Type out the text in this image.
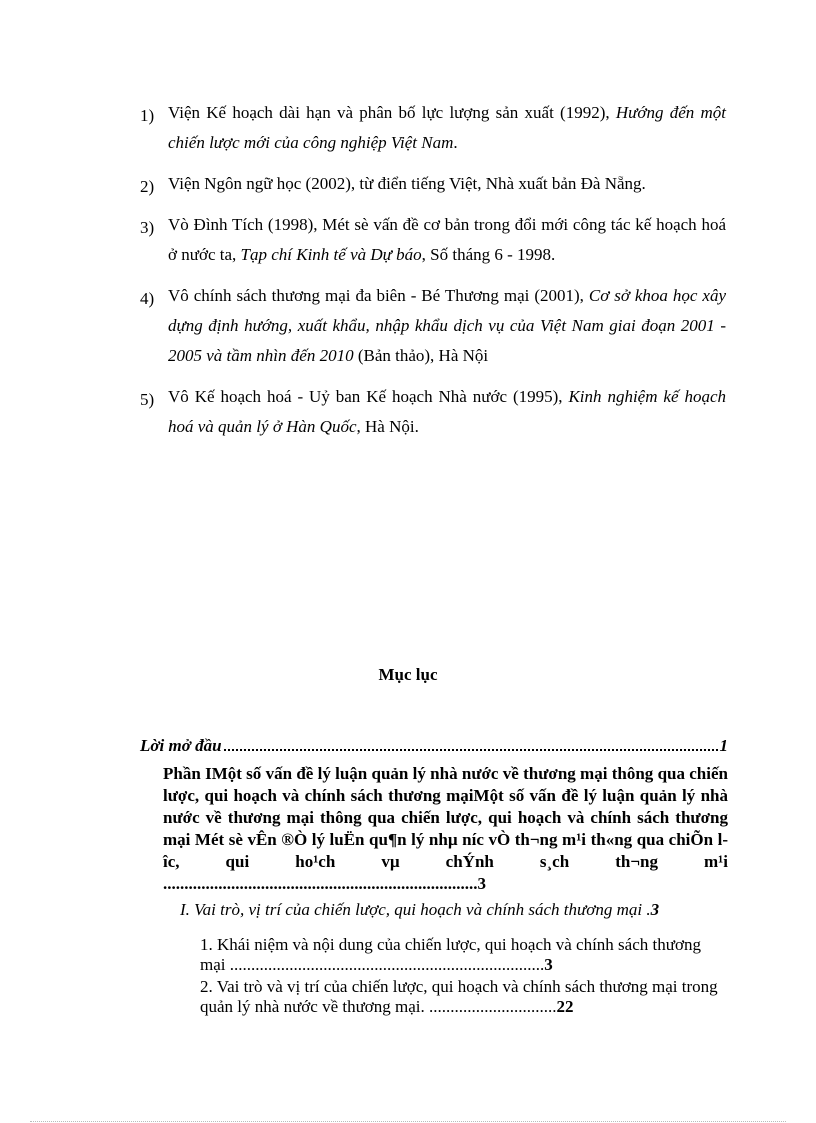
1) Viện Kế hoạch dài hạn và phân bố lực lượng sản xuất (1992), Hướng đến một chiến lược mới của công nghiệp Việt Nam.
2) Viện Ngôn ngữ học (2002), từ điển tiếng Việt, Nhà xuất bản Đà Nẵng.
3) Vò Đình Tích (1998), Mét sè vấn đề cơ bản trong đổi mới công tác kế hoạch hoá ở nước ta, Tạp chí Kinh tế và Dự báo, Số tháng 6 - 1998.
4) Vô chính sách thương mại đa biên - Bé Thương mại (2001), Cơ sở khoa học xây dựng định hướng, xuất khẩu, nhập khẩu dịch vụ của Việt Nam giai đoạn 2001 - 2005 và tầm nhìn đến 2010 (Bản thảo), Hà Nội
5) Vô Kế hoạch hoá - Uỷ ban Kế hoạch Nhà nước (1995), Kinh nghiệm kế hoạch hoá và quản lý ở Hàn Quốc, Hà Nội.
Mục lục
Lời mở đầu	1
Phần IMột số vấn đề lý luận quản lý nhà nước về thương mại thông qua chiến lược, qui hoạch và chính sách thương mạiMột số vấn đề lý luận quản lý nhà nước về thương mại thông qua chiến lược, qui hoạch và chính sách thương mại Mét sè vÊn ®Ò lý luËn qu¶n lý nhµ níc vÒ th¬ng m¹i th«ng qua chiÕn lîc, qui ho¹ch vµ chÝnh s¸ch th¬ng m¹i ..........................................................................3
I. Vai trò, vị trí của chiến lược, qui hoạch và chính sách thương mại . 3
1. Khái niệm và nội dung của chiến lược, qui hoạch và chính sách thương mại ..........................................................................3
2. Vai trò và vị trí của chiến lược, qui hoạch và chính sách thương mại trong quản lý nhà nước về thương mại. ..............................22
